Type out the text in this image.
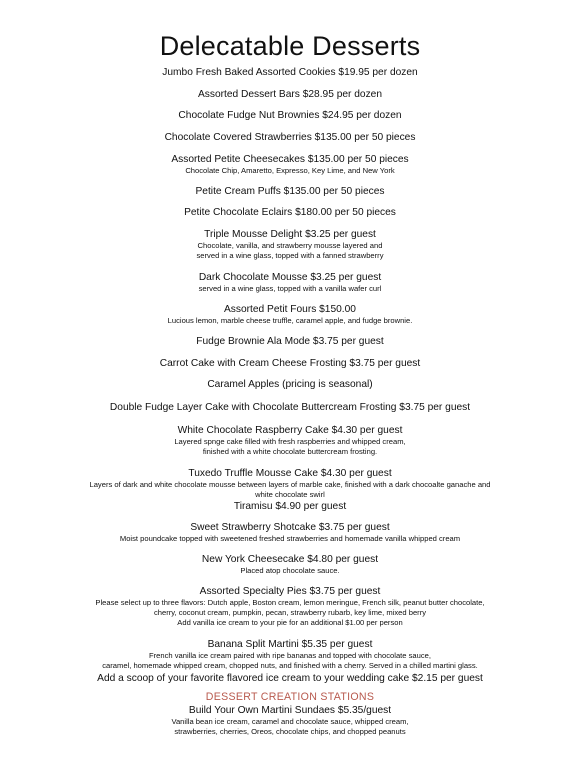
Delecatable Desserts
Jumbo Fresh Baked Assorted Cookies $19.95 per dozen
Assorted Dessert Bars $28.95 per dozen
Chocolate Fudge Nut Brownies $24.95 per dozen
Chocolate Covered Strawberries $135.00 per 50 pieces
Assorted Petite Cheesecakes $135.00 per 50 pieces
Chocolate Chip, Amaretto, Expresso, Key Lime, and New York
Petite Cream Puffs $135.00 per 50 pieces
Petite Chocolate Eclairs $180.00 per 50 pieces
Triple Mousse Delight $3.25 per guest
Chocolate, vanilla, and strawberry mousse layered and
served in a wine glass, topped with a fanned strawberry
Dark Chocolate Mousse $3.25 per guest
served in a wine glass, topped with a vanilla wafer curl
Assorted Petit Fours $150.00
Lucious lemon, marble cheese truffle, caramel apple, and fudge brownie.
Fudge Brownie Ala Mode $3.75 per guest
Carrot Cake with Cream Cheese Frosting $3.75 per guest
Caramel Apples (pricing is seasonal)
Double Fudge Layer Cake with Chocolate Buttercream Frosting $3.75 per guest
White Chocolate Raspberry Cake $4.30 per guest
Layered spnge cake filled with fresh raspberries and whipped cream,
finished with a white chocolate buttercream frosting.
Tuxedo Truffle Mousse Cake $4.30 per guest
Layers of dark and white chocolate mousse between layers of marble cake, finished with a dark chocoalte ganache and
white chocolate swirl
Tiramisu $4.90 per guest
Sweet Strawberry Shotcake $3.75 per guest
Moist poundcake topped with sweetened freshed strawberries and homemade vanilla whipped cream
New York Cheesecake $4.80 per guest
Placed atop chocolate sauce.
Assorted Specialty Pies $3.75 per guest
Please select up to three flavors: Dutch apple, Boston cream, lemon meringue, French silk, peanut butter chocolate,
cherry, coconut cream, pumpkin, pecan, strawberry rubarb, key lime, mixed berry
Add vanilla ice cream to your pie for an additional $1.00 per person
Banana Split Martini $5.35 per guest
French vanilla ice cream paired with ripe bananas and topped with chocolate sauce,
caramel, homemade whipped cream, chopped nuts, and finished with a cherry. Served in a chilled martini glass.
Add a scoop of your favorite flavored ice cream to your wedding cake $2.15 per guest
DESSERT CREATION STATIONS
Build Your Own Martini Sundaes $5.35/guest
Vanilla bean ice cream, caramel and chocolate sauce, whipped cream,
strawberries, cherries, Oreos, chocolate chips, and chopped peanuts
